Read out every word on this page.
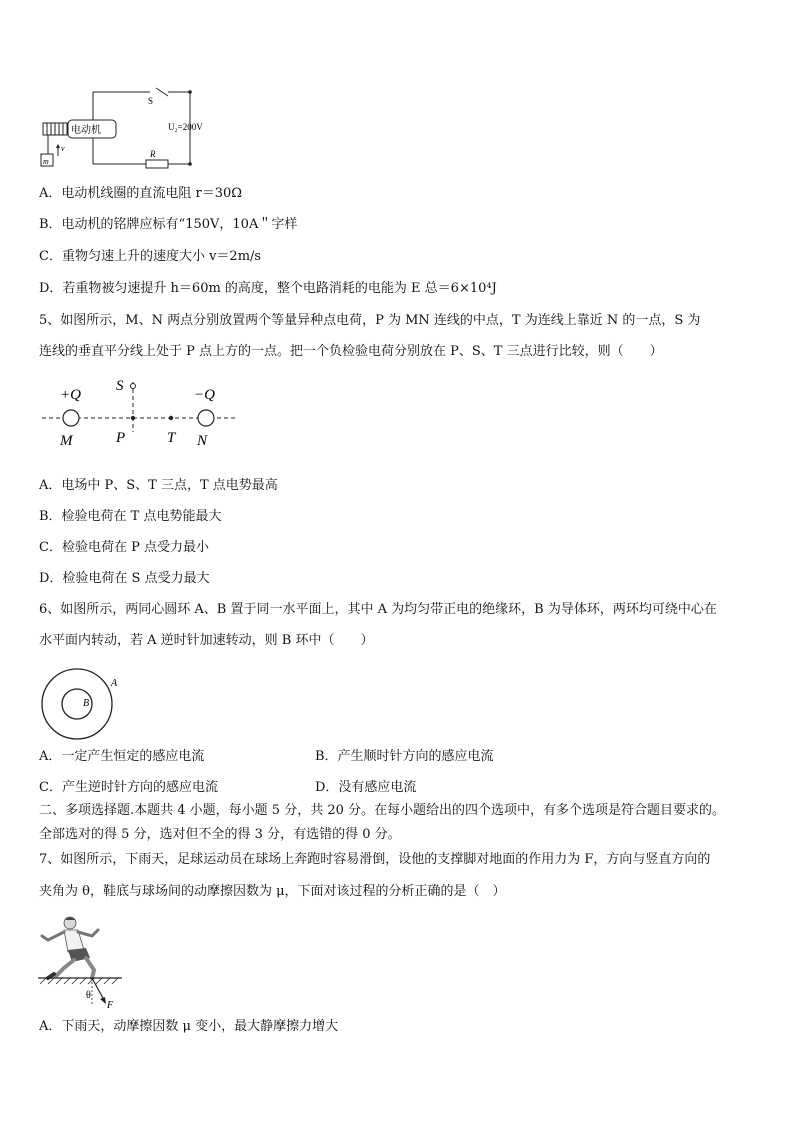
S
U₂=200V
电动机
R
m
v
A．电动机线圈的直流电阻 r＝30Ω
B．电动机的铭牌应标有“150V，10A＂字样
C．重物匀速上升的速度大小 v＝2m/s
D．若重物被匀速提升 h＝60m 的高度，整个电路消耗的电能为 E 总＝6×10⁴J
5、如图所示，M、N 两点分别放置两个等量异种点电荷，P 为 MN 连线的中点，T 为连线上靠近 N 的一点，S 为
连线的垂直平分线上处于 P 点上方的一点。把一个负检验电荷分别放在 P、S、T 三点进行比较，则（　　）
+Q	−Q
S
M	P	T N
A．电场中 P、S、T 三点，T 点电势最高
B．检验电荷在 T 点电势能最大
C．检验电荷在 P 点受力最小
D．检验电荷在 S 点受力最大
6、如图所示，两同心圆环 A、B 置于同一水平面上，其中 A 为均匀带正电的绝缘环，B 为导体环，两环均可绕中心在
水平面内转动，若 A 逆时针加速转动，则 B 环中（　　）
A
B
A．一定产生恒定的感应电流	B．产生顺时针方向的感应电流
C．产生逆时针方向的感应电流	D．没有感应电流
二、多项选择题.本题共 4 小题，每小题 5 分，共 20 分。在每小题给出的四个选项中，有多个选项是符合题目要求的。
全部选对的得 5 分，选对但不全的得 3 分，有选错的得 0 分。
7、如图所示，下雨天，足球运动员在球场上奔跑时容易滑倒，设他的支撑脚对地面的作用力为 F，方向与竖直方向的
夹角为 θ，鞋底与球场间的动摩擦因数为 μ，下面对该过程的分析正确的是（　）
θ
F
A．下雨天，动摩擦因数 μ 变小，最大静摩擦力增大
